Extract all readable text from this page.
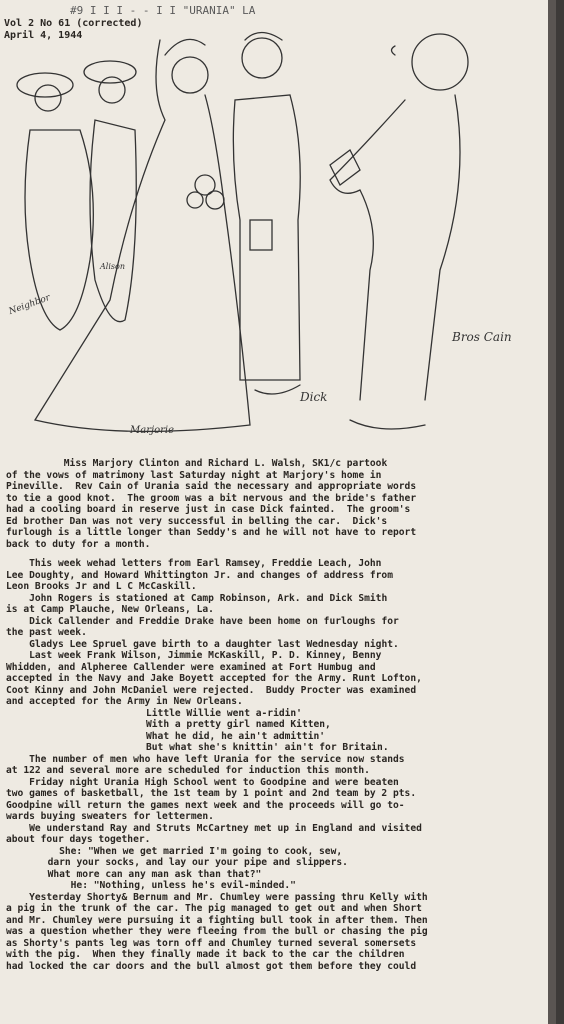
#9 I I I - - I I "URANIA" LA
Vol 2 No 61 (corrected)
April 4, 1944
Neighbor
Alison
Marjorie
Dick
Bros Cain

Miss Marjory Clinton and Richard L. Walsh, SK1/c partook
of the vows of matrimony last Saturday night at Marjory's home in
Pineville.  Rev Cain of Urania said the necessary and appropriate words
to tie a good knot.  The groom was a bit nervous and the bride's father
had a cooling board in reserve just in case Dick fainted.  The groom's
Ed brother Dan was not very successful in belling the car.  Dick's
furlough is a little longer than Seddy's and he will not have to report
back to duty for a month.

This week wehad letters from Earl Ramsey, Freddie Leach, John
Lee Doughty, and Howard Whittington Jr. and changes of address from
Leon Brooks Jr and L C McCaskill.

John Rogers is stationed at Camp Robinson, Ark. and Dick Smith
is at Camp Plauche, New Orleans, La.

Dick Callender and Freddie Drake have been home on furloughs for
the past week.

Gladys Lee Spruel gave birth to a daughter last Wednesday night.

Last week Frank Wilson, Jimmie McKaskill, P. D. Kinney, Benny
Whidden, and Alpheree Callender were examined at Fort Humbug and
accepted in the Navy and Jake Boyett accepted for the Army. Runt Lofton,
Coot Kinny and John McDaniel were rejected.  Buddy Procter was examined
and accepted for the Army in New Orleans.

Little Willie went a-ridin'
With a pretty girl named Kitten,
What he did, he ain't admittin'
But what she's knittin' ain't for Britain.

The number of men who have left Urania for the service now stands
at 122 and several more are scheduled for induction this month.

Friday night Urania High School went to Goodpine and were beaten
two games of basketball, the 1st team by 1 point and 2nd team by 2 pts.
Goodpine will return the games next week and the proceeds will go to-
wards buying sweaters for lettermen.

We understand Ray and Struts McCartney met up in England and visited
about four days together.

She: "When we get married I'm going to cook, sew,
darn your socks, and lay our your pipe and slippers.
What more can any man ask than that?"
He: "Nothing, unless he's evil-minded."

Yesterday Shorty& Bernum and Mr. Chumley were passing thru Kelly with
a pig in the trunk of the car. The pig managed to get out and when Short
and Mr. Chumley were pursuing it a fighting bull took in after them. Then
was a question whether they were fleeing from the bull or chasing the pig
as Shorty's pants leg was torn off and Chumley turned several somersets
with the pig.  When they finally made it back to the car the children
had locked the car doors and the bull almost got them before they could
